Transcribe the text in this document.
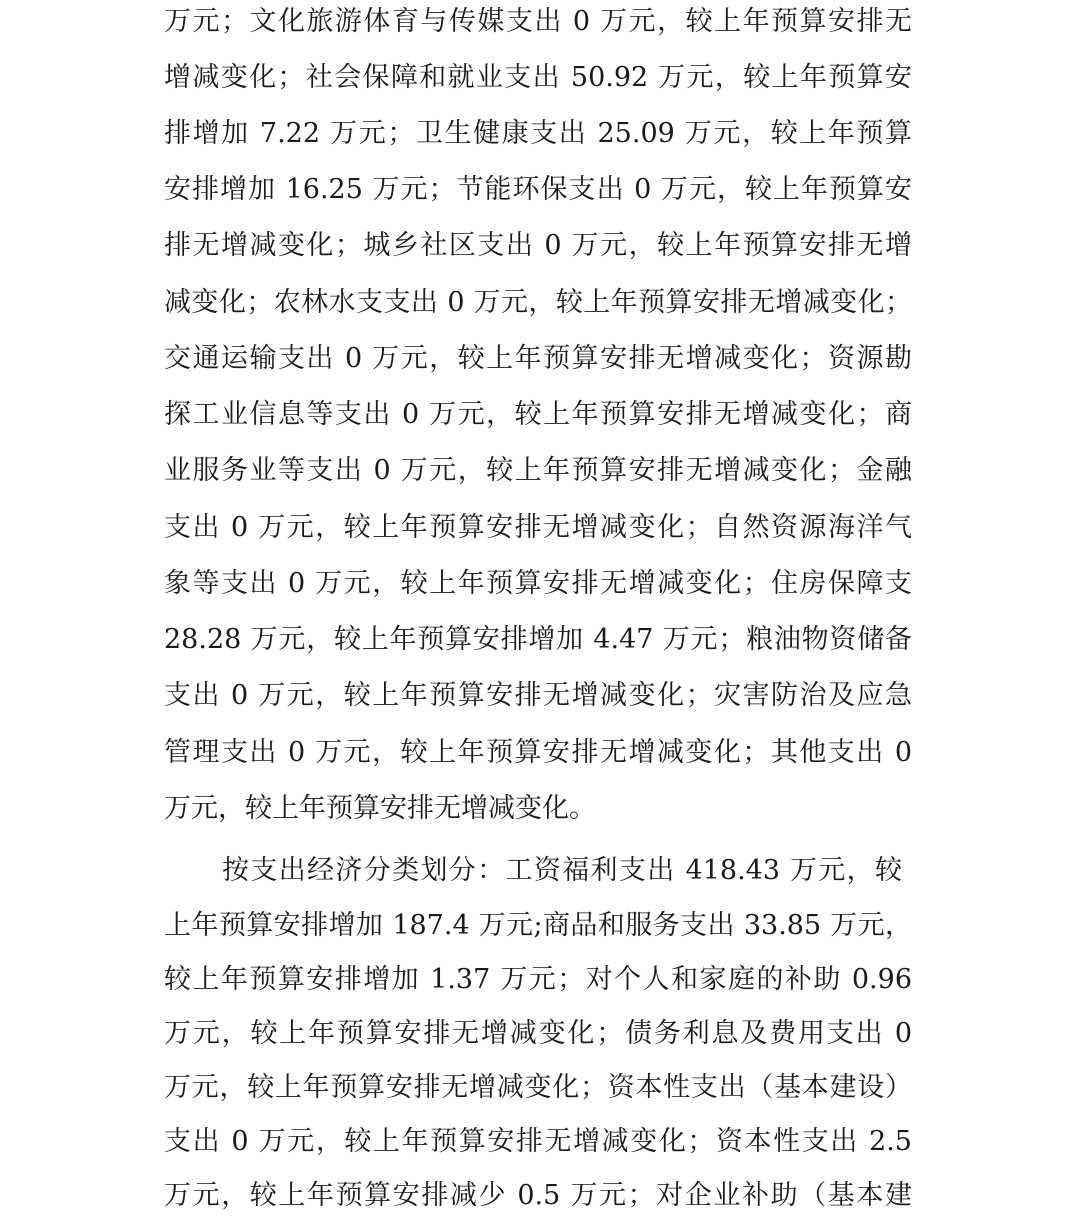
万元；文化旅游体育与传媒支出 0 万元，较上年预算安排无
增减变化；社会保障和就业支出 50.92 万元，较上年预算安
排增加 7.22 万元；卫生健康支出 25.09 万元，较上年预算
安排增加 16.25 万元；节能环保支出 0 万元，较上年预算安
排无增减变化；城乡社区支出 0 万元，较上年预算安排无增
减变化；农林水支支出 0 万元，较上年预算安排无增减变化；
交通运输支出 0 万元，较上年预算安排无增减变化；资源勘
探工业信息等支出 0 万元，较上年预算安排无增减变化；商
业服务业等支出 0 万元，较上年预算安排无增减变化；金融
支出 0 万元，较上年预算安排无增减变化；自然资源海洋气
象等支出 0 万元，较上年预算安排无增减变化；住房保障支
28.28 万元，较上年预算安排增加 4.47 万元；粮油物资储备
支出 0 万元，较上年预算安排无增减变化；灾害防治及应急
管理支出 0 万元，较上年预算安排无增减变化；其他支出 0
万元，较上年预算安排无增减变化。
按支出经济分类划分：工资福利支出 418.43 万元，较
上年预算安排增加 187.4 万元;商品和服务支出 33.85 万元，
较上年预算安排增加 1.37 万元；对个人和家庭的补助 0.96
万元，较上年预算安排无增减变化；债务利息及费用支出 0
万元，较上年预算安排无增减变化；资本性支出（基本建设）
支出 0 万元，较上年预算安排无增减变化；资本性支出 2.5
万元，较上年预算安排减少 0.5 万元；对企业补助（基本建
